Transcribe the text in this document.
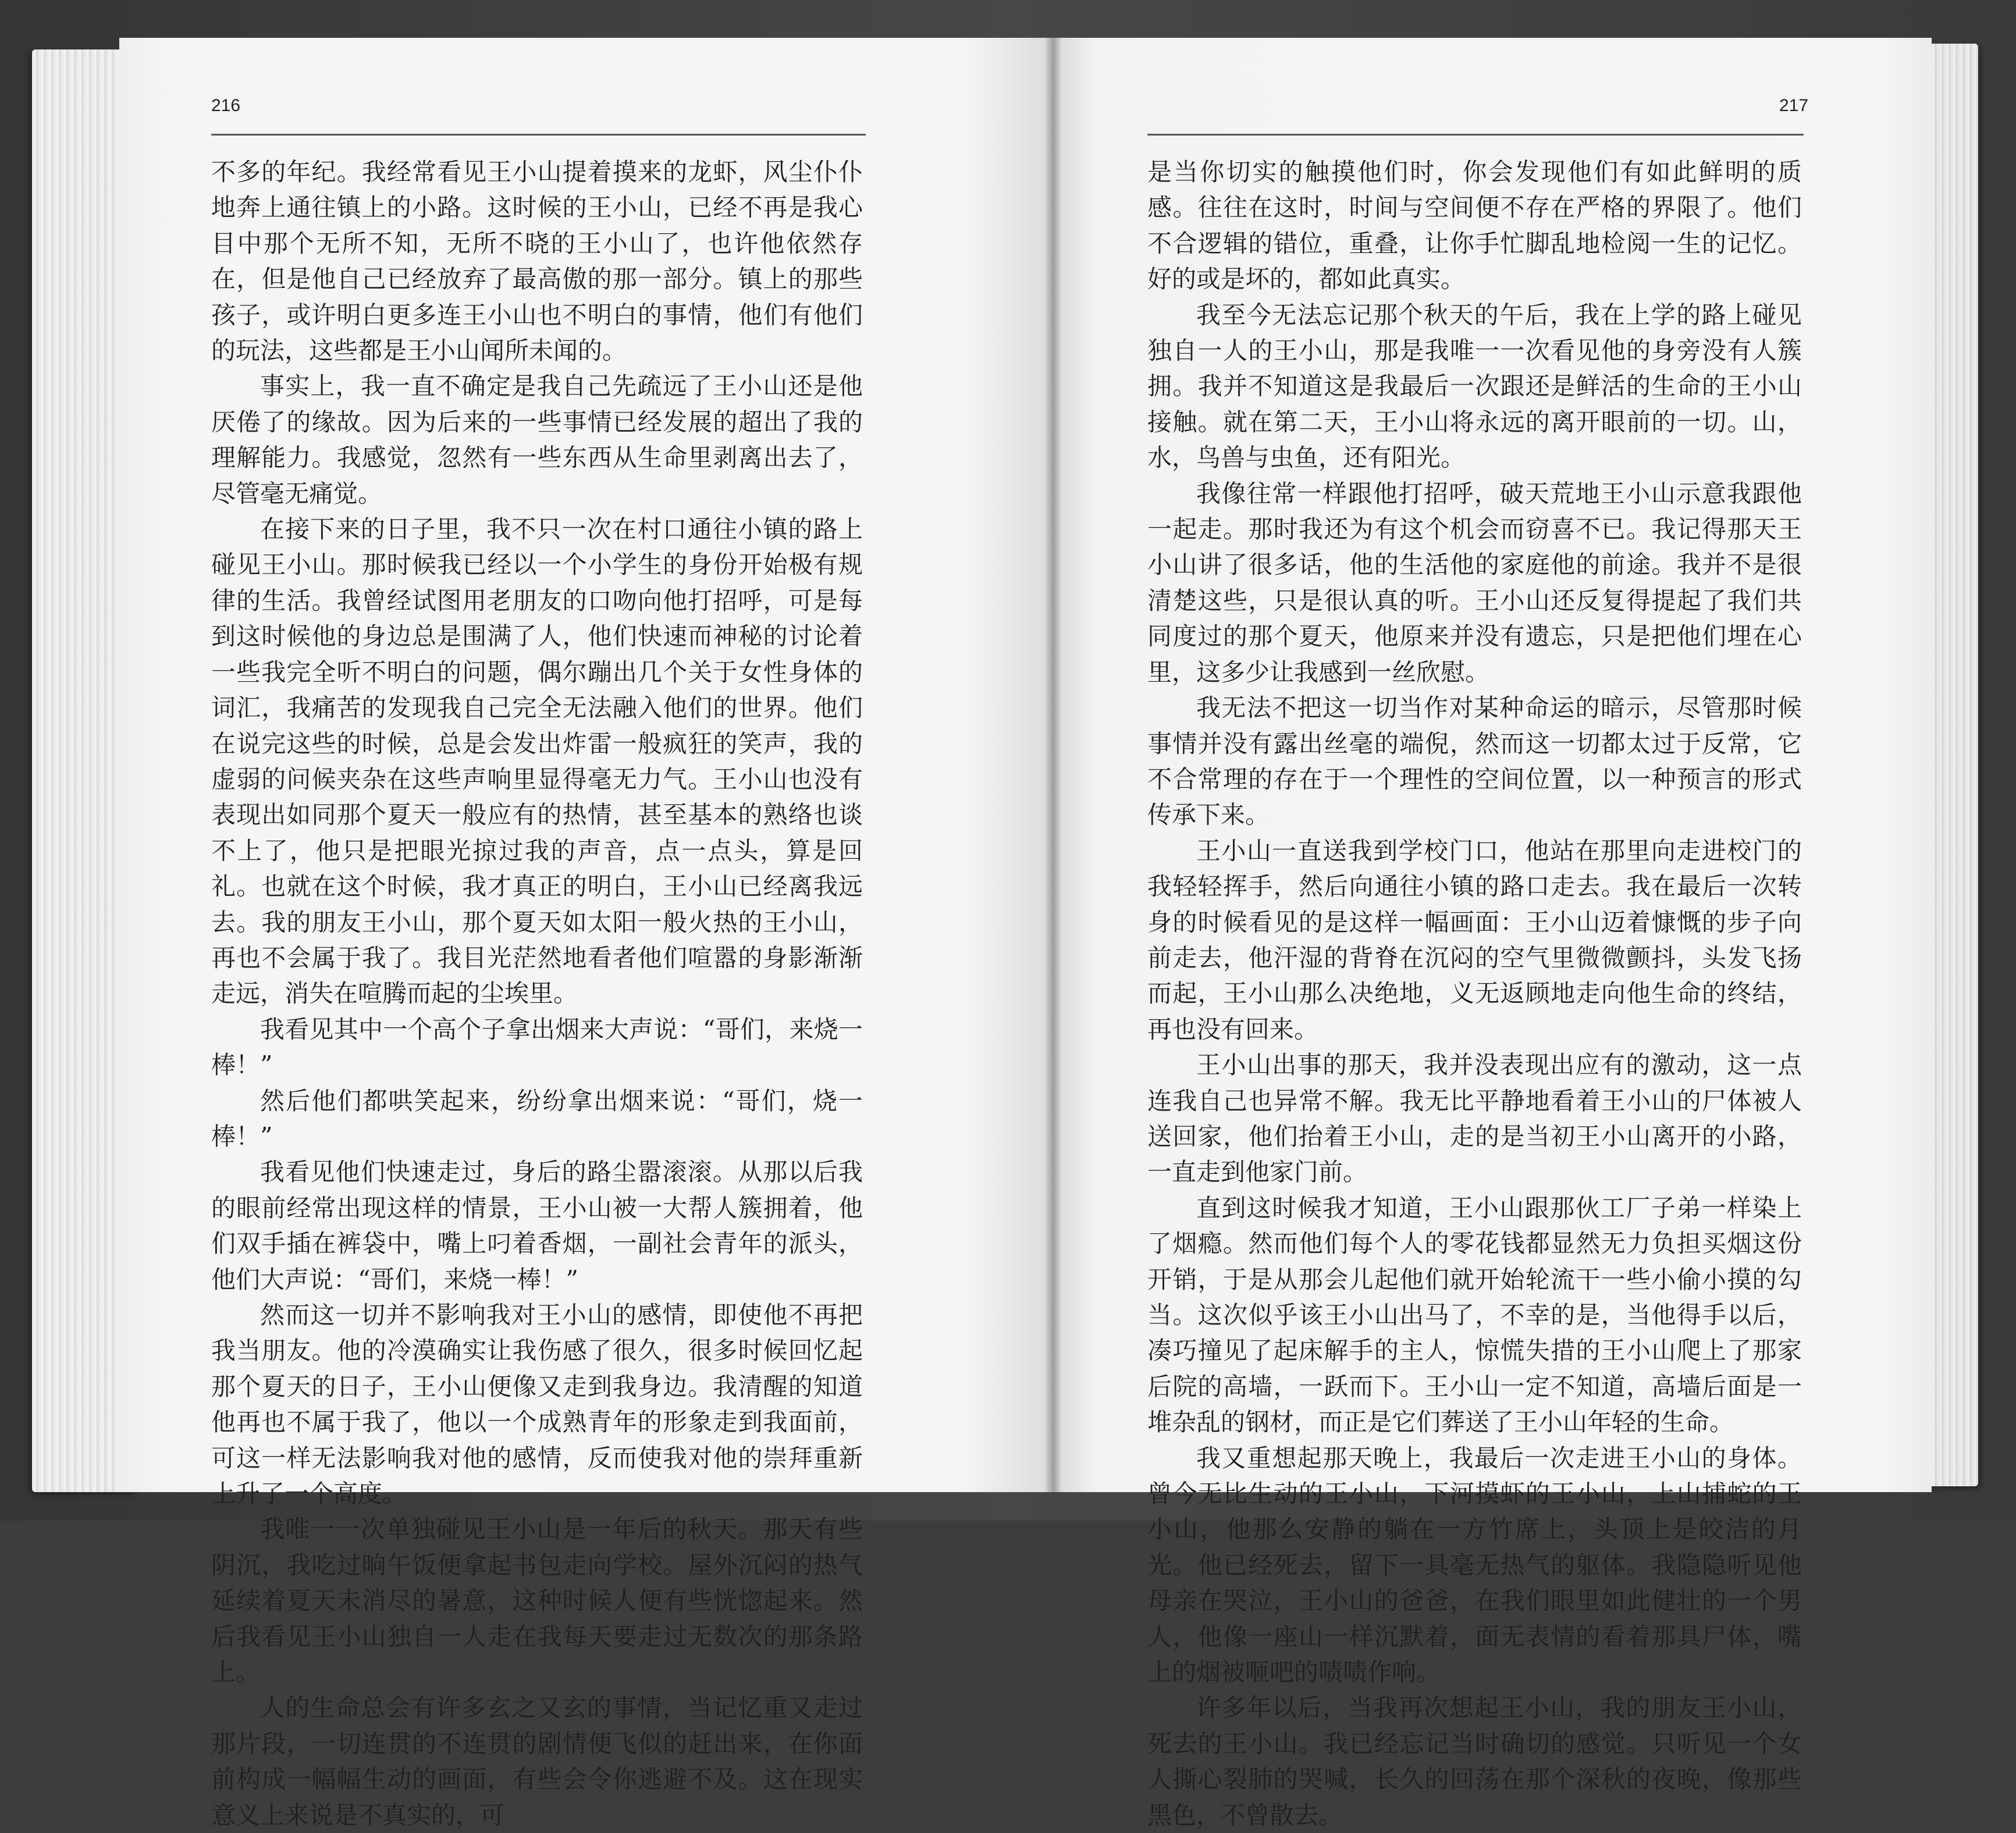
216

不多的年纪。我经常看见王小山提着摸来的龙虾，风尘仆仆地奔上通往镇上的小路。这时候的王小山，已经不再是我心目中那个无所不知，无所不晓的王小山了，也许他依然存在，但是他自己已经放弃了最高傲的那一部分。镇上的那些孩子，或许明白更多连王小山也不明白的事情，他们有他们的玩法，这些都是王小山闻所未闻的。

事实上，我一直不确定是我自己先疏远了王小山还是他厌倦了的缘故。因为后来的一些事情已经发展的超出了我的理解能力。我感觉，忽然有一些东西从生命里剥离出去了，尽管毫无痛觉。

在接下来的日子里，我不只一次在村口通往小镇的路上碰见王小山。那时候我已经以一个小学生的身份开始极有规律的生活。我曾经试图用老朋友的口吻向他打招呼，可是每到这时候他的身边总是围满了人，他们快速而神秘的讨论着一些我完全听不明白的问题，偶尔蹦出几个关于女性身体的词汇，我痛苦的发现我自己完全无法融入他们的世界。他们在说完这些的时候，总是会发出炸雷一般疯狂的笑声，我的虚弱的问候夹杂在这些声响里显得毫无力气。王小山也没有表现出如同那个夏天一般应有的热情，甚至基本的熟络也谈不上了，他只是把眼光掠过我的声音，点一点头，算是回礼。也就在这个时候，我才真正的明白，王小山已经离我远去。我的朋友王小山，那个夏天如太阳一般火热的王小山，再也不会属于我了。我目光茫然地看者他们喧嚣的身影渐渐走远，消失在喧腾而起的尘埃里。

我看见其中一个高个子拿出烟来大声说：“哥们，来烧一棒！”

然后他们都哄笑起来，纷纷拿出烟来说：“哥们，烧一棒！”

我看见他们快速走过，身后的路尘嚣滚滚。从那以后我的眼前经常出现这样的情景，王小山被一大帮人簇拥着，他们双手插在裤袋中，嘴上叼着香烟，一副社会青年的派头，他们大声说：“哥们，来烧一棒！”

然而这一切并不影响我对王小山的感情，即使他不再把我当朋友。他的冷漠确实让我伤感了很久，很多时候回忆起那个夏天的日子，王小山便像又走到我身边。我清醒的知道他再也不属于我了，他以一个成熟青年的形象走到我面前，可这一样无法影响我对他的感情，反而使我对他的崇拜重新上升了一个高度。

我唯一一次单独碰见王小山是一年后的秋天。那天有些阴沉，我吃过晌午饭便拿起书包走向学校。屋外沉闷的热气延续着夏天未消尽的暑意，这种时候人便有些恍惚起来。然后我看见王小山独自一人走在我每天要走过无数次的那条路上。

人的生命总会有许多玄之又玄的事情，当记忆重又走过那片段，一切连贯的不连贯的剧情便飞似的赶出来，在你面前构成一幅幅生动的画面，有些会令你逃避不及。这在现实意义上来说是不真实的，可

217

是当你切实的触摸他们时，你会发现他们有如此鲜明的质感。往往在这时，时间与空间便不存在严格的界限了。他们不合逻辑的错位，重叠，让你手忙脚乱地检阅一生的记忆。好的或是坏的，都如此真实。

我至今无法忘记那个秋天的午后，我在上学的路上碰见独自一人的王小山，那是我唯一一次看见他的身旁没有人簇拥。我并不知道这是我最后一次跟还是鲜活的生命的王小山接触。就在第二天，王小山将永远的离开眼前的一切。山，水，鸟兽与虫鱼，还有阳光。

我像往常一样跟他打招呼，破天荒地王小山示意我跟他一起走。那时我还为有这个机会而窃喜不已。我记得那天王小山讲了很多话，他的生活他的家庭他的前途。我并不是很清楚这些，只是很认真的听。王小山还反复得提起了我们共同度过的那个夏天，他原来并没有遗忘，只是把他们埋在心里，这多少让我感到一丝欣慰。

我无法不把这一切当作对某种命运的暗示，尽管那时候事情并没有露出丝毫的端倪，然而这一切都太过于反常，它不合常理的存在于一个理性的空间位置，以一种预言的形式传承下来。

王小山一直送我到学校门口，他站在那里向走进校门的我轻轻挥手，然后向通往小镇的路口走去。我在最后一次转身的时候看见的是这样一幅画面：王小山迈着慷慨的步子向前走去，他汗湿的背脊在沉闷的空气里微微颤抖，头发飞扬而起，王小山那么决绝地，义无返顾地走向他生命的终结，再也没有回来。

王小山出事的那天，我并没表现出应有的激动，这一点连我自己也异常不解。我无比平静地看着王小山的尸体被人送回家，他们抬着王小山，走的是当初王小山离开的小路，一直走到他家门前。

直到这时候我才知道，王小山跟那伙工厂子弟一样染上了烟瘾。然而他们每个人的零花钱都显然无力负担买烟这份开销，于是从那会儿起他们就开始轮流干一些小偷小摸的勾当。这次似乎该王小山出马了，不幸的是，当他得手以后，凑巧撞见了起床解手的主人，惊慌失措的王小山爬上了那家后院的高墙，一跃而下。王小山一定不知道，高墙后面是一堆杂乱的钢材，而正是它们葬送了王小山年轻的生命。

我又重想起那天晚上，我最后一次走进王小山的身体。曾今无比生动的王小山，下河摸虾的王小山，上山捕蛇的王小山，他那么安静的躺在一方竹席上，头顶上是皎洁的月光。他已经死去，留下一具毫无热气的躯体。我隐隐听见他母亲在哭泣，王小山的爸爸，在我们眼里如此健壮的一个男人，他像一座山一样沉默着，面无表情的看着那具尸体，嘴上的烟被咂吧的啧啧作响。

许多年以后，当我再次想起王小山，我的朋友王小山，死去的王小山。我已经忘记当时确切的感觉。只听见一个女人撕心裂肺的哭喊，长久的回荡在那个深秋的夜晚，像那些黑色，不曾散去。
